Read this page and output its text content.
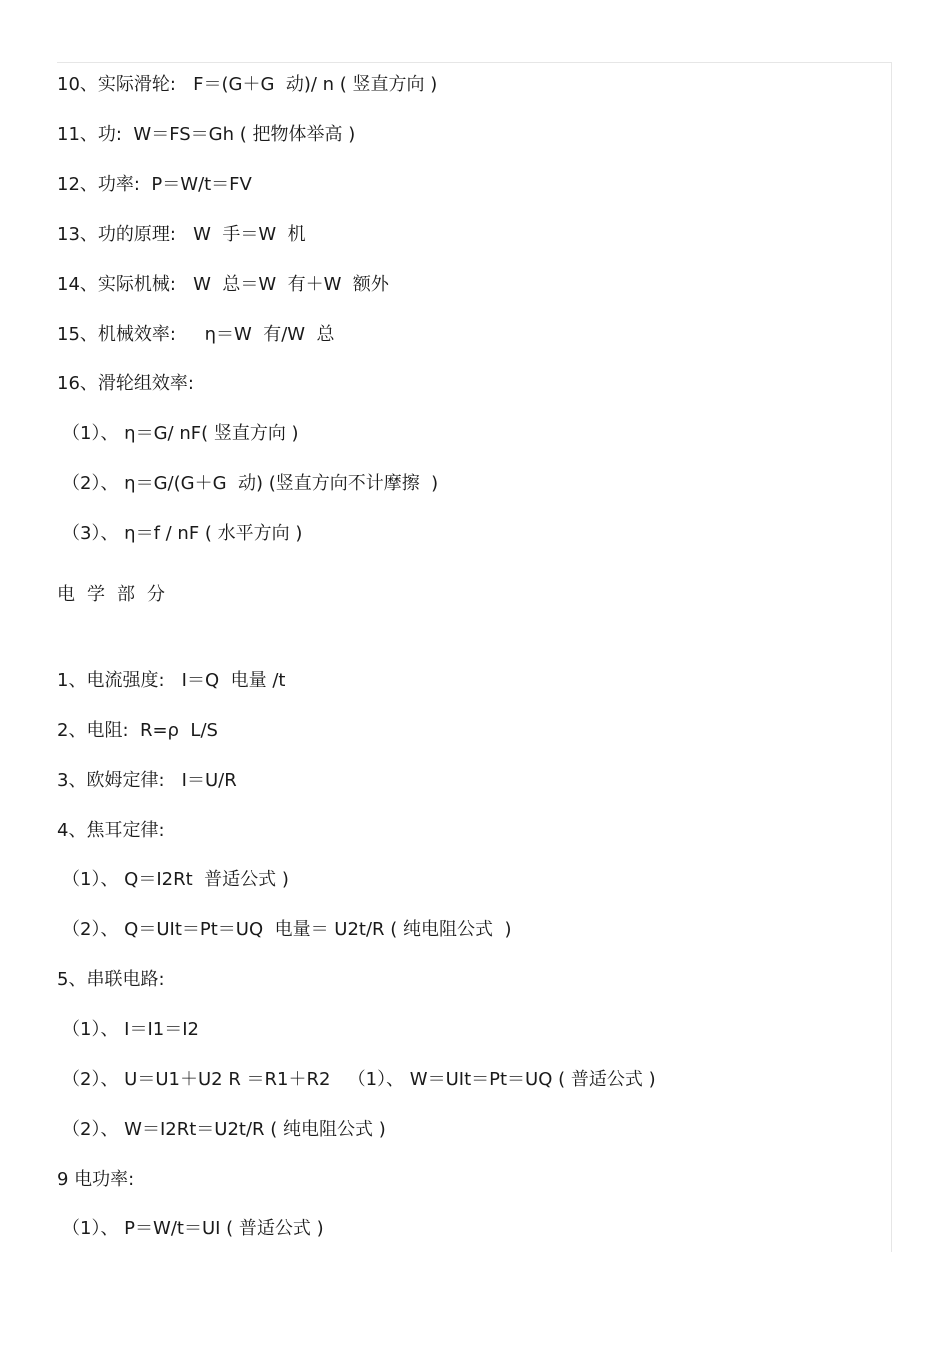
10、实际滑轮:   F＝(G＋G  动)/ n ( 竖直方向 )
11、功:  W＝FS＝Gh ( 把物体举高 )
12、功率:  P＝W/t＝FV
13、功的原理:   W  手＝W  机
14、实际机械:   W  总＝W  有＋W  额外
15、机械效率:     η＝W  有/W  总
16、滑轮组效率:
（1）、 η＝G/ nF( 竖直方向 )
（2）、 η＝G/(G＋G  动) (竖直方向不计摩擦  )
（3）、 η＝f / nF ( 水平方向 )
电学部分
1、电流强度:   I＝Q  电量 /t
2、电阻:  R=ρ  L/S
3、欧姆定律:   I＝U/R
4、焦耳定律:
（1）、 Q＝I2Rt  普适公式 )
（2）、 Q＝UIt＝Pt＝UQ  电量＝ U2t/R ( 纯电阻公式  )
5、串联电路:
（1）、 I＝I1＝I2
（2）、 U＝U1＋U2 R ＝R1＋R2   （1）、 W＝UIt＝Pt＝UQ ( 普适公式 )
（2）、 W＝I2Rt＝U2t/R ( 纯电阻公式 )
9 电功率:
（1）、 P＝W/t＝UI ( 普适公式 )
